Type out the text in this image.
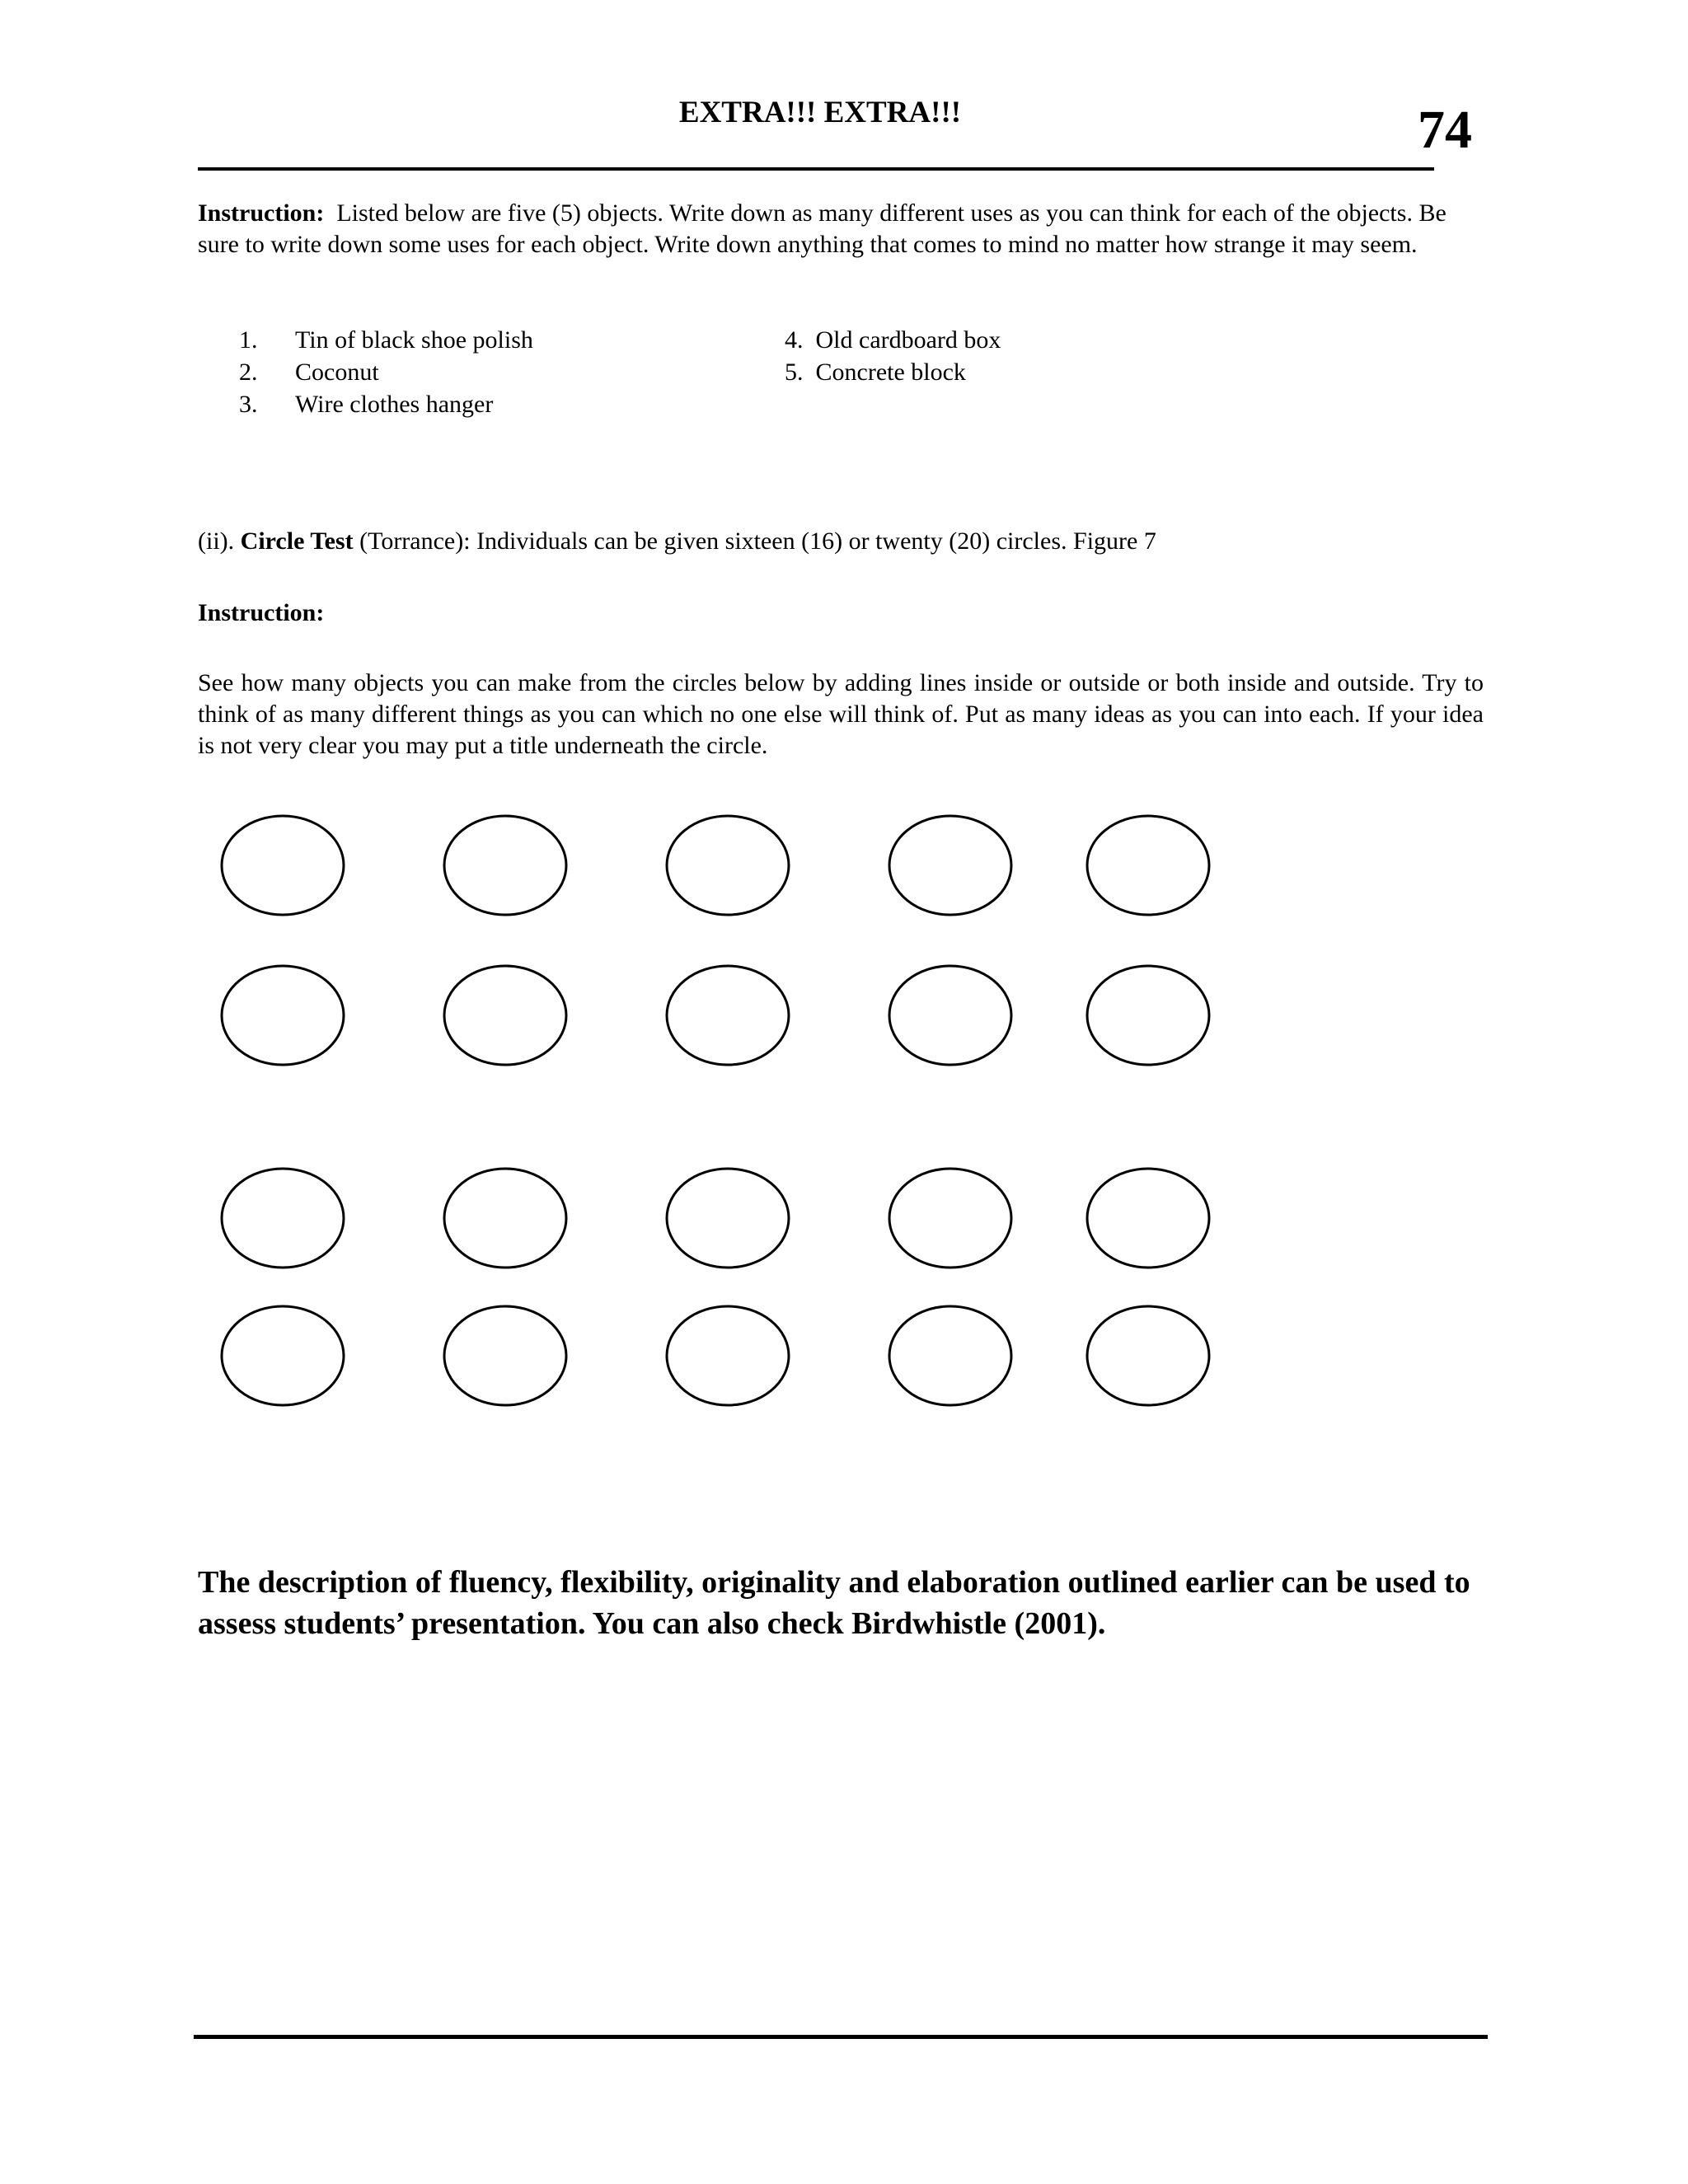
EXTRA!!! EXTRA!!!	74
Instruction: Listed below are five (5) objects. Write down as many different uses as you can think for each of the objects. Be sure to write down some uses for each object. Write down anything that comes to mind no matter how strange it may seem.
1. Tin of black shoe polish
2. Coconut
3. Wire clothes hanger
4. Old cardboard box
5. Concrete block
(ii). Circle Test (Torrance): Individuals can be given sixteen (16) or twenty (20) circles. Figure 7
Instruction:
See how many objects you can make from the circles below by adding lines inside or outside or both inside and outside. Try to think of as many different things as you can which no one else will think of. Put as many ideas as you can into each. If your idea is not very clear you may put a title underneath the circle.
The description of fluency, flexibility, originality and elaboration outlined earlier can be used to assess students’ presentation. You can also check Birdwhistle (2001).
